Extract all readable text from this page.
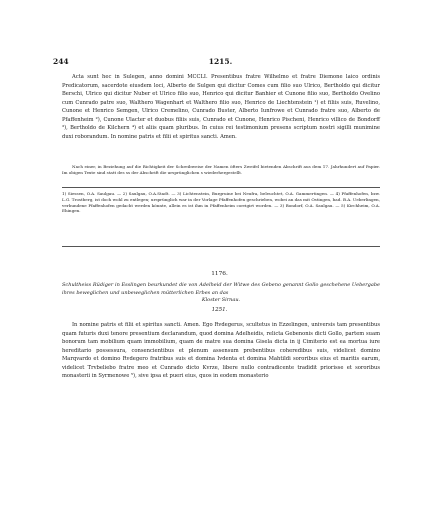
244	1215.

Acta sunt hec in Sulegen, anno domini MCCLI. Presentibus fratre Wilhelmo et fratre Diemone laico ordinis Predicatorum, sacerdote eiusdem loci, Alberto de Sulgen qui dicitur Comes cum filio suo Ulrico, Bertholdo qui dicitur Berschi, Ulrico qui dicitur Nuber et Ulrico filio suo, Henrico qui dicitur Banhier et Cunone filio suo, Bertholdo Ovelino cum Cunrado patre suo, Walthero Wagenhart et Walthero filio suo, Henrico de Liechtenstein ¹) et filiis suis, Ruvelino, Cunone et Henrico Semgen, Ulrico Cremelino, Cunrado Buster, Alberto Iunfrowe et Cunrado fratre suo, Alberto de Pfaffenheim ²), Cunone Ulacter et duobus filiis suis, Cunrado et Cunone, Henrico Pischeni, Henrico villico de Bondorff ³), Bertholdo de Kilchern ⁴) et aliis quam pluribus. In cuius rei testimonium presens scriptum nostri sigilli munimine duxi roborandum. In nomine patris et filii et spiritus sancti. Amen.

Nach einer, in Beziehung auf die Richtigkeit der Schreibweise der Namen öfters Zweifel bietenden Abschrift aus dem 17. Jahrhundert auf Papier. Im obigen Texte sind statt des ss der Abschrift die ursprünglichen s wiederhergestellt.

1) Siessen, O.A. Saulgau. — 2) Saulgau, O.A.Stadt. — 3) Lichtenstein, Burgruine bei Neufra, beleuchtet, O.A. Gammertingen. — 4) Pfaffenhofen, bzw. L.G. Trostberg, ist doch wohl zu entlegen; ursprünglich war in der Vorlage Pfaffenhofen geschrieben, wobei an das mit Ostingen, bad. B.A. Ueberlingen, verbundene Pfaffenhofen gedacht werden könnte, allein es ist ihm in Pfaffenheim corrigirt worden. — 3) Bondorf, O.A. Saulgau. — 5) Kirchheim, O.A. Ehingen.

1176.
Schultheiss Rüdiger in Esslingen beurkundet die von Adelheid der Witwe des Gebeno genannt Gollo geschehene Uebergabe ihres beweglichen und unbeweglichen mütterlichen Erbes an das
Kloster Sirnau.
1251.

In nomine patris et filii et spiritus sancti. Amen. Ego Rvdegerus, scultetus in Ezzelingen, universis tam presentibus quam futuris duxi tenore presentium declarandum, quod domina Adelheidis, relicta Gebenonis dicti Gollo, partem suam bonorum tam mobilium quam immobilium, quam de matre sua domina Gisela dicta in ij Cimiterio est ea mortua iure hereditario possessura, consencientibus et plenum assensum prebentibus coheredibus suis, videlicet domino Marqvardo et domino Rvdegero fratribus suis et domina Ivdenta et domina Mahtildi sororibus eius et maritis earum, videlicet Trvbeliebo fratre meo et Cunrado dicto Kvrze, libere nullo contradicente tradidit priorisse et sororibus monasterii in Syrmenowe ⁵), sive ipsa et pueri eius, quos in eodem monasterio
